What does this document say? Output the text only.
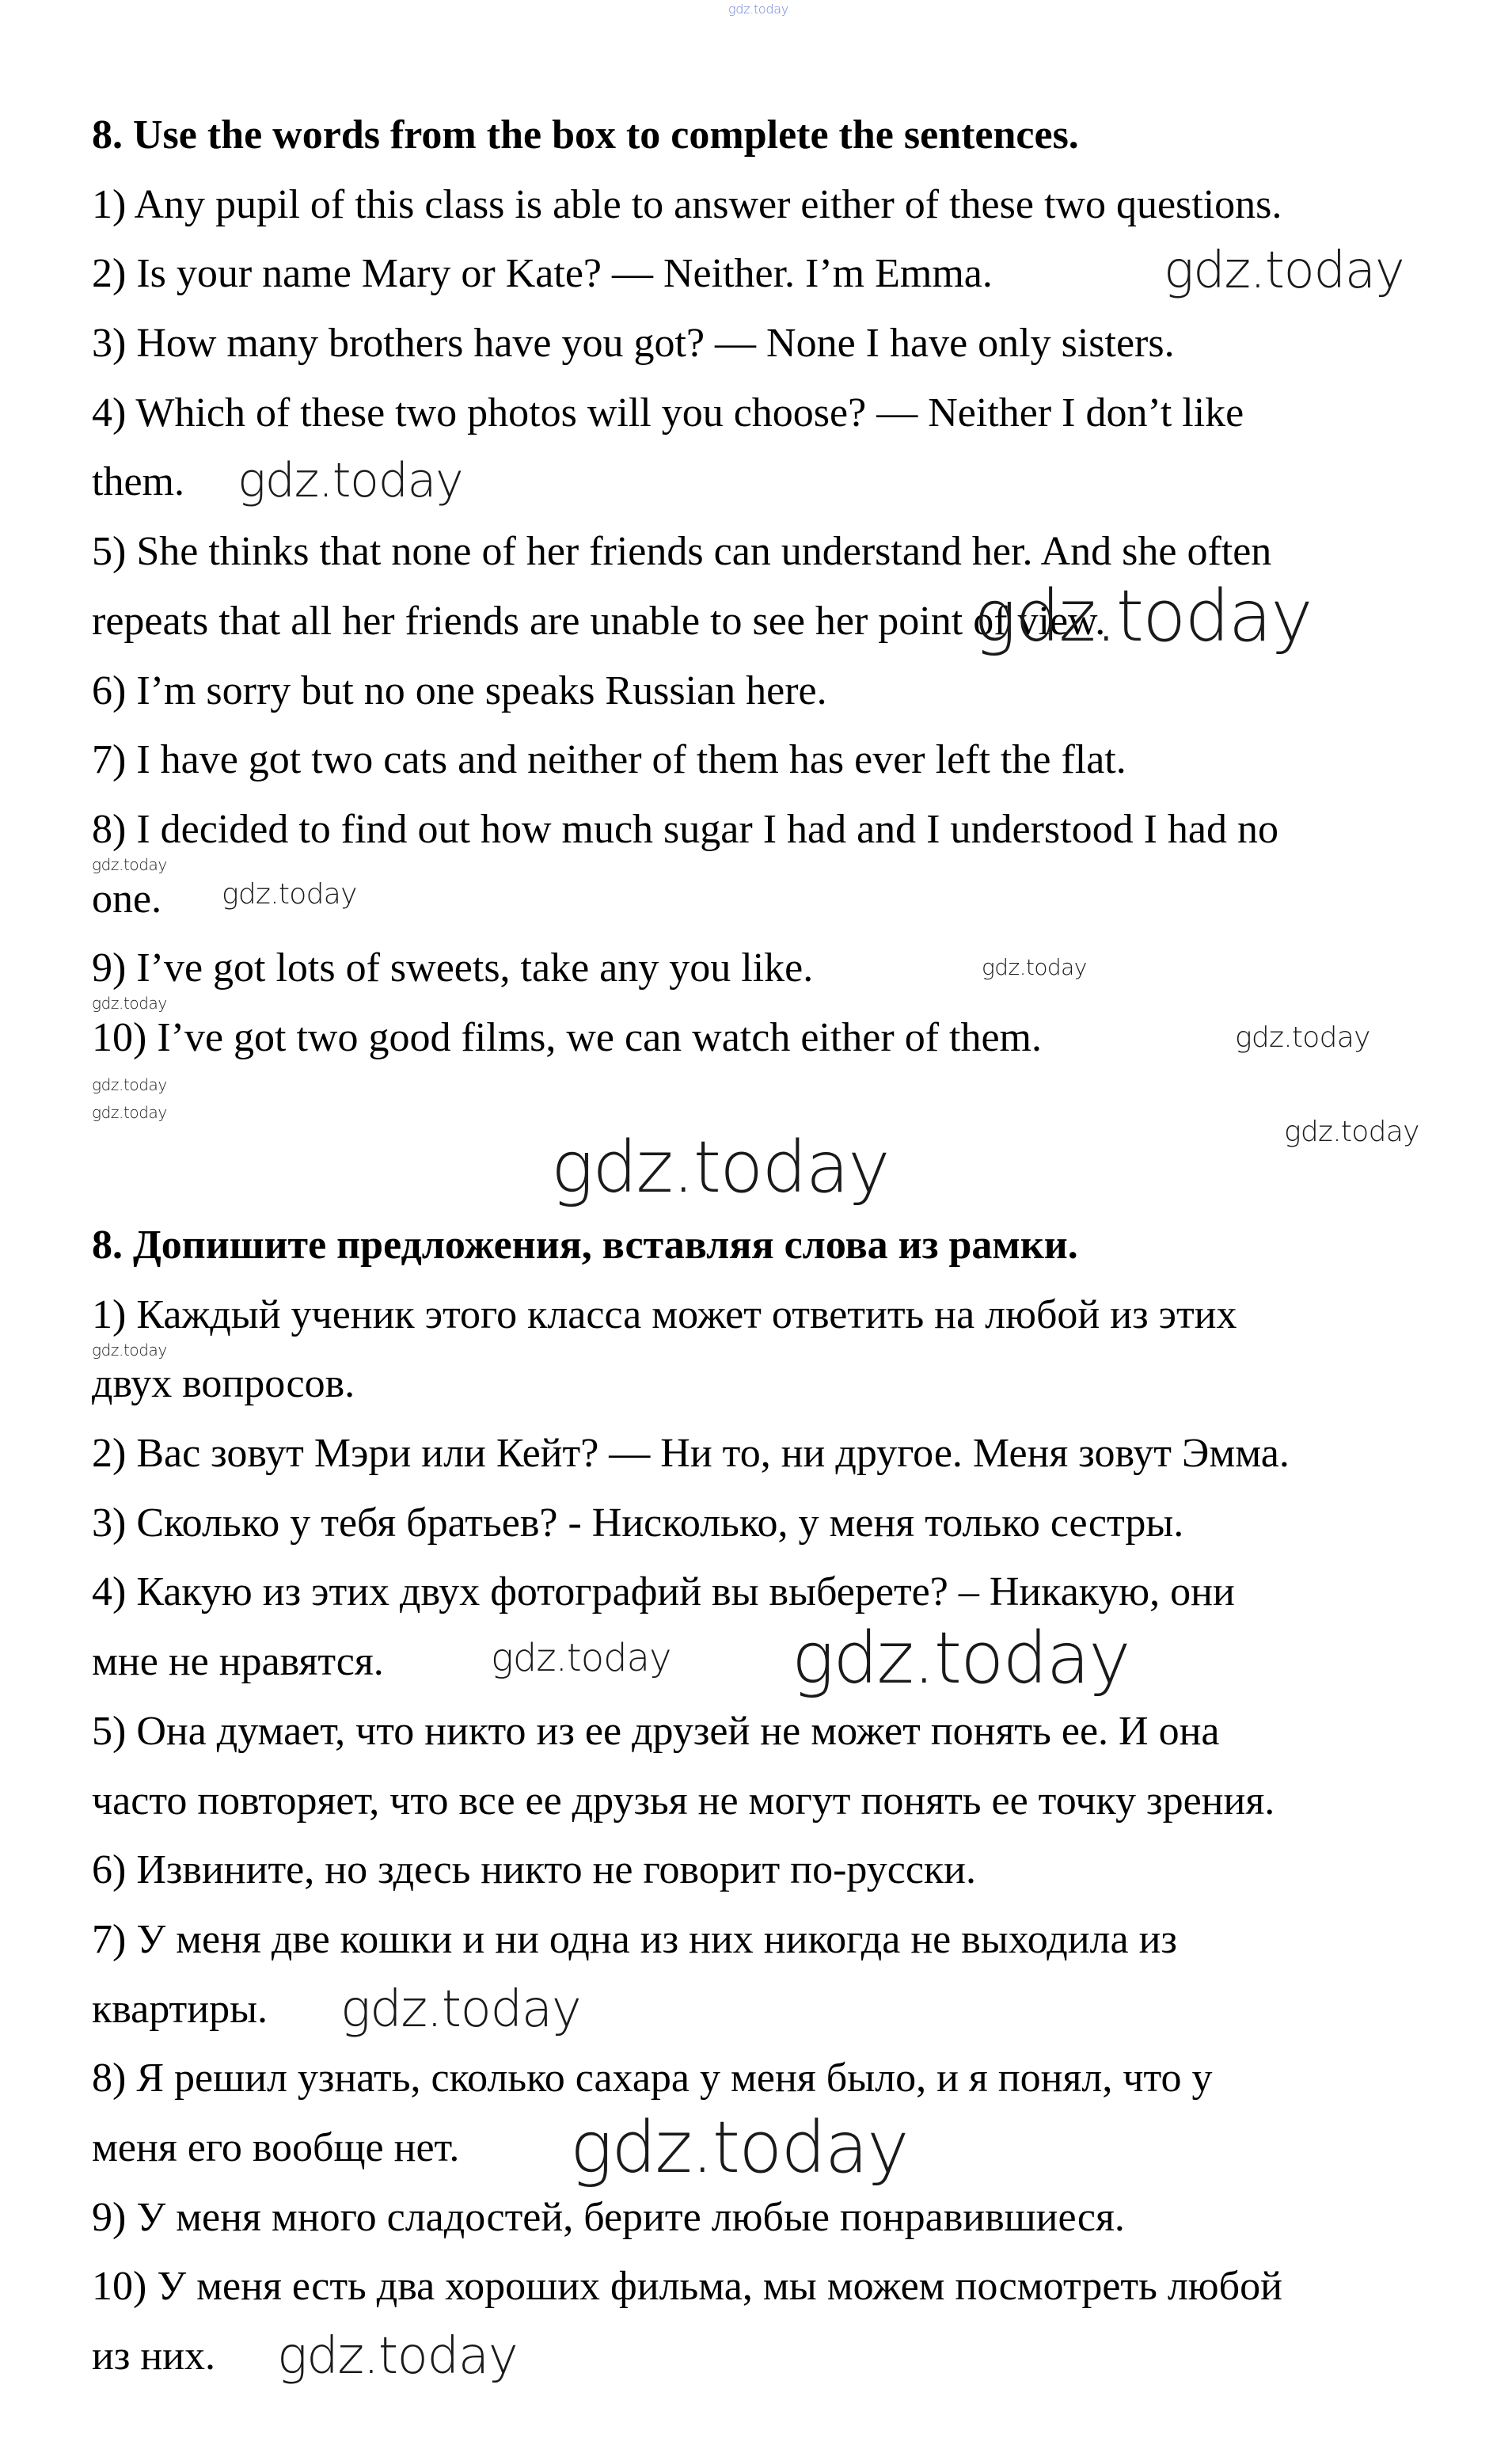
8. Use the words from the box to complete the sentences.
1) Any pupil of this class is able to answer either of these two questions.
2) Is your name Mary or Kate? — Neither. I’m Emma.
3) How many brothers have you got? — None I have only sisters.
4) Which of these two photos will you choose? — Neither I don’t like
them.
5) She thinks that none of her friends can understand her. And she often
repeats that all her friends are unable to see her point of view.
6) I’m sorry but no one speaks Russian here.
7) I have got two cats and neither of them has ever left the flat.
8) I decided to find out how much sugar I had and I understood I had no
one.
9) I’ve got lots of sweets, take any you like.
10) I’ve got two good films, we can watch either of them.
8. Допишите предложения, вставляя слова из рамки.
1) Каждый ученик этого класса может ответить на любой из этих
двух вопросов.
2) Вас зовут Мэри или Кейт? — Ни то, ни другое. Меня зовут Эмма.
3) Сколько у тебя братьев? - Нисколько, у меня только сестры.
4) Какую из этих двух фотографий вы выберете? – Никакую, они
мне не нравятся.
5) Она думает, что никто из ее друзей не может понять ее. И она
часто повторяет, что все ее друзья не могут понять ее точку зрения.
6) Извините, но здесь никто не говорит по-русски.
7) У меня две кошки и ни одна из них никогда не выходила из
квартиры.
8) Я решил узнать, сколько сахара у меня было, и я понял, что у
меня его вообще нет.
9) У меня много сладостей, берите любые понравившиеся.
10) У меня есть два хороших фильма, мы можем посмотреть любой
из них.
gdz.today
gdz.today
gdz.today
gdz.today
gdz.today
gdz.today
gdz.today
gdz.today
gdz.today
gdz.today
gdz.today
gdz.today
gdz.today
gdz.today
gdz.today gdz.today
gdz.today
gdz.today
gdz.today
